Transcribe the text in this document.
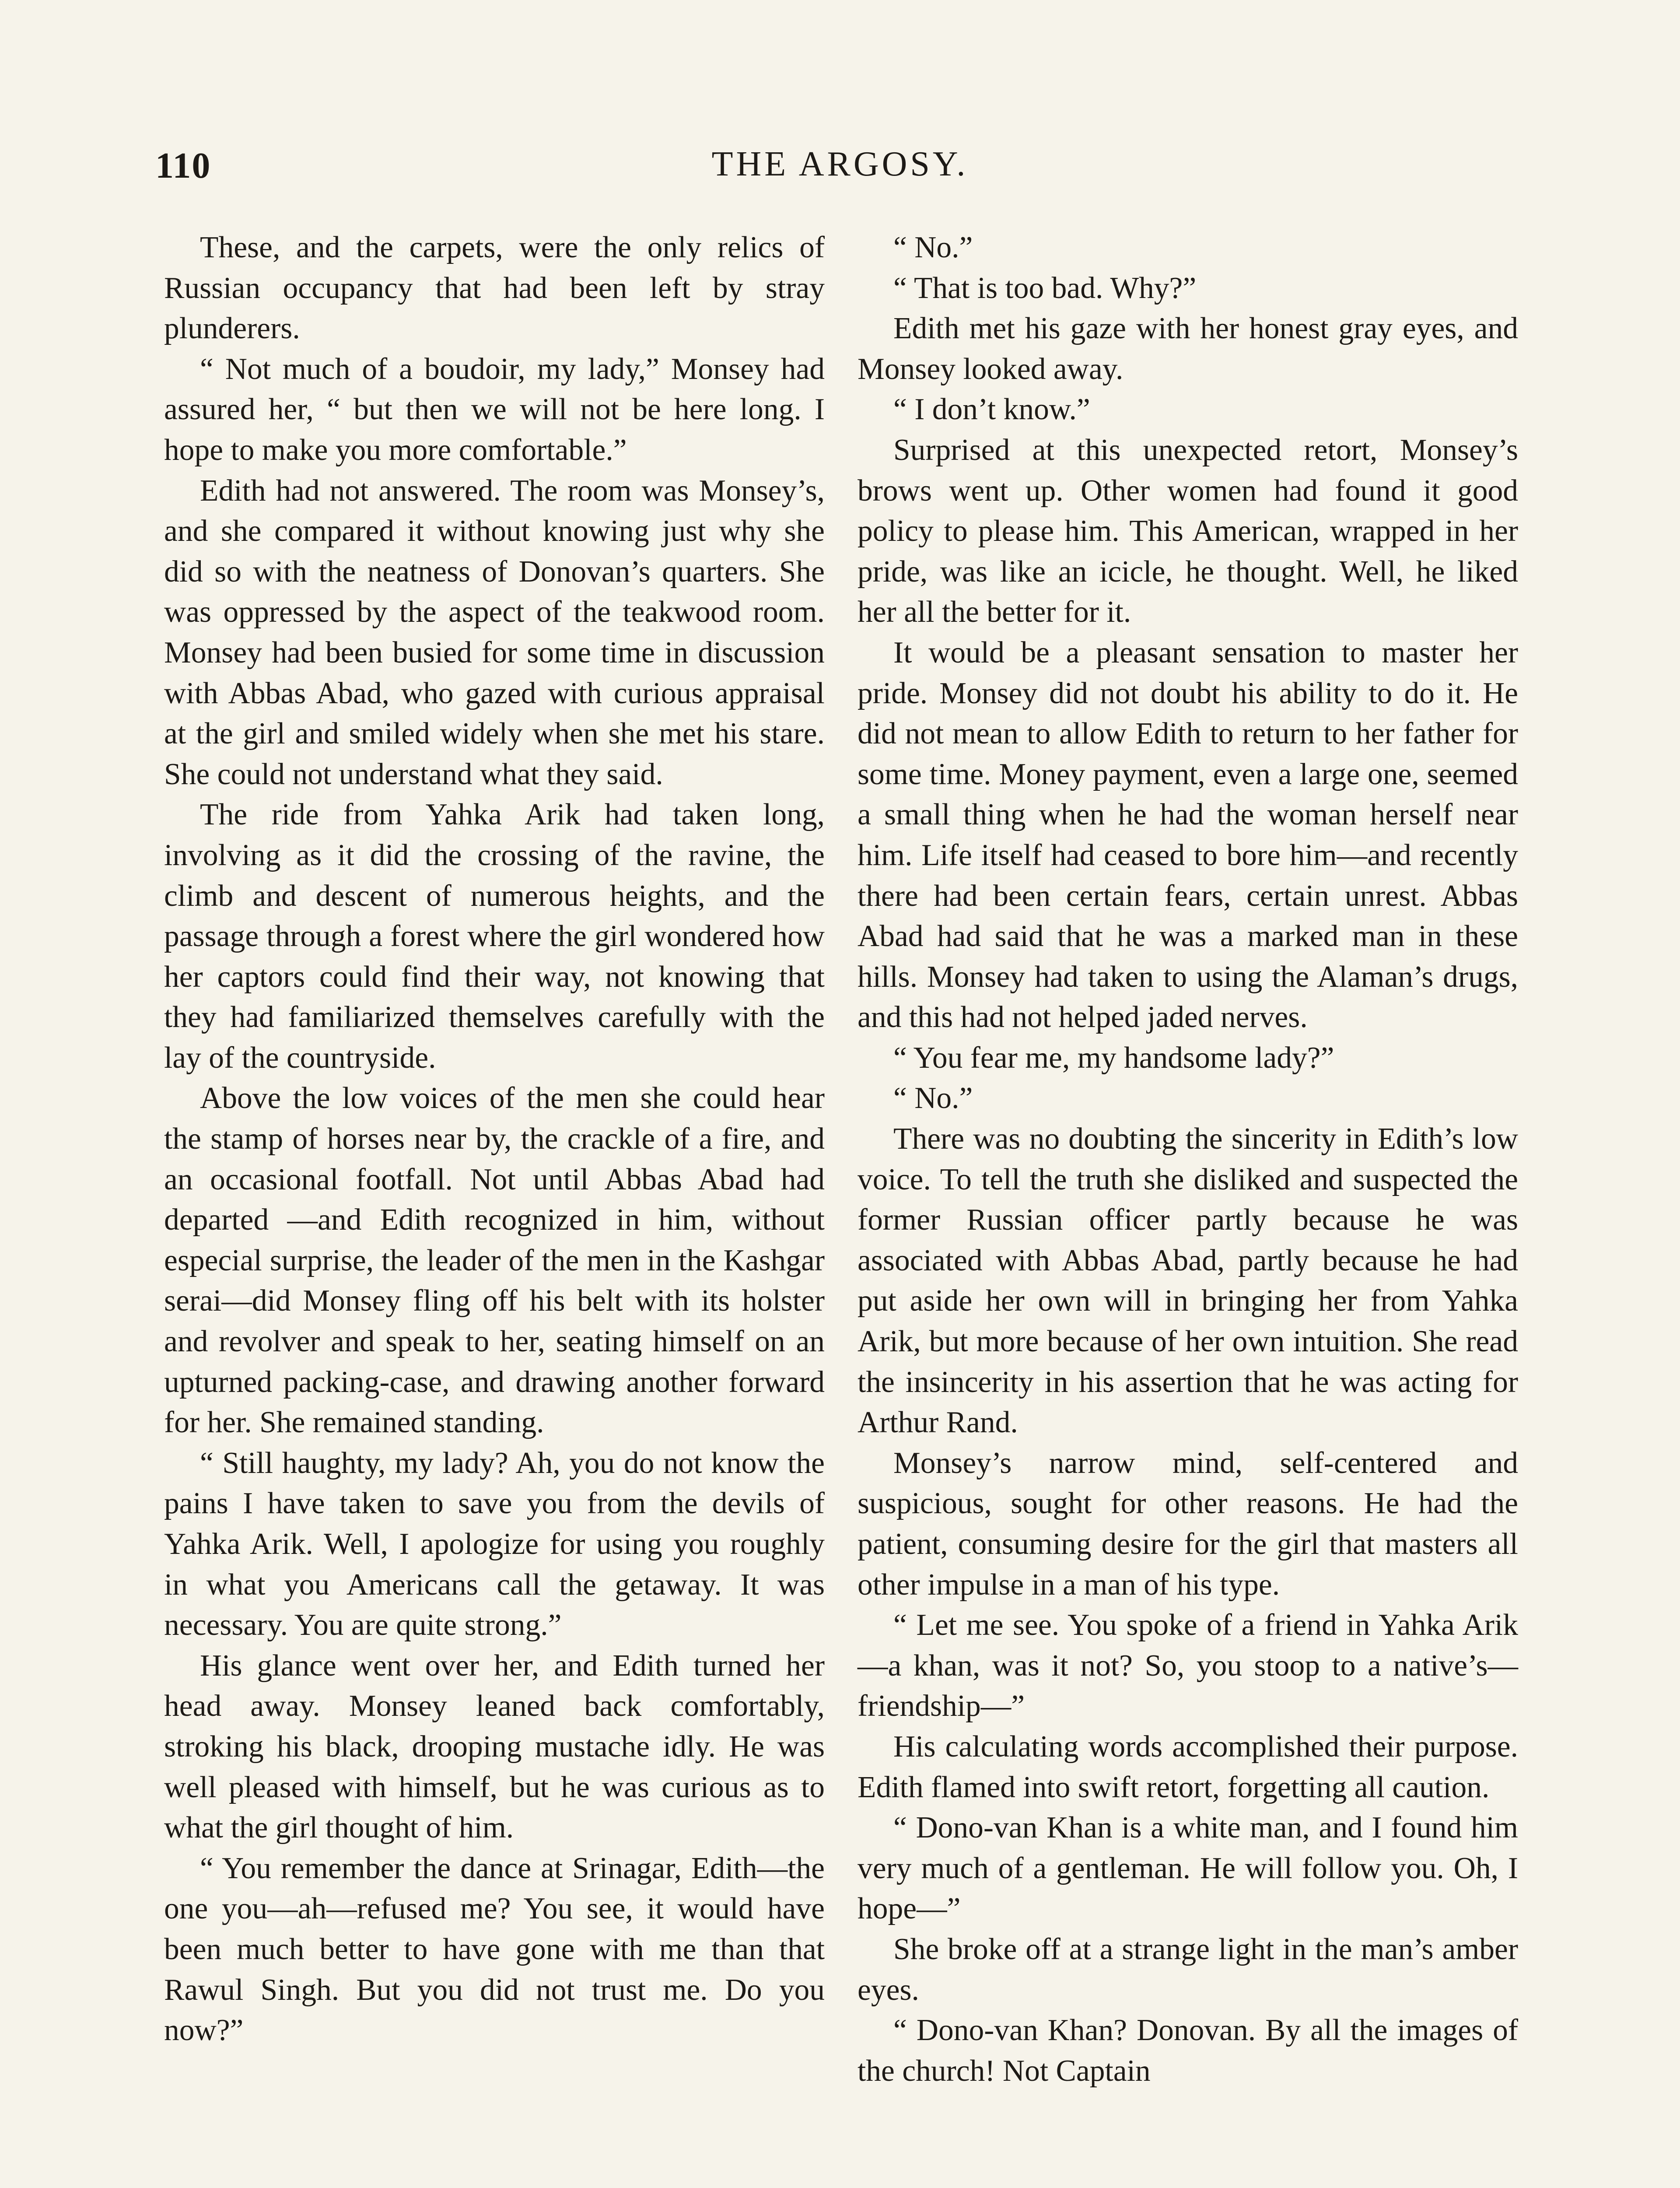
110	THE ARGOSY.

These, and the carpets, were the only relics of Russian occupancy that had been left by stray plunderers.

“ Not much of a boudoir, my lady,” Monsey had assured her, “ but then we will not be here long. I hope to make you more comfortable.”

Edith had not answered. The room was Monsey’s, and she compared it without knowing just why she did so with the neatness of Donovan’s quarters. She was oppressed by the aspect of the teakwood room. Monsey had been busied for some time in discussion with Abbas Abad, who gazed with curious appraisal at the girl and smiled widely when she met his stare. She could not understand what they said.

The ride from Yahka Arik had taken long, involving as it did the crossing of the ravine, the climb and descent of numerous heights, and the passage through a forest where the girl wondered how her captors could find their way, not knowing that they had familiarized themselves carefully with the lay of the countryside.

Above the low voices of the men she could hear the stamp of horses near by, the crackle of a fire, and an occasional footfall. Not until Abbas Abad had departed —and Edith recognized in him, without especial surprise, the leader of the men in the Kashgar serai—did Monsey fling off his belt with its holster and revolver and speak to her, seating himself on an upturned packing-case, and drawing another forward for her. She remained standing.

“ Still haughty, my lady? Ah, you do not know the pains I have taken to save you from the devils of Yahka Arik. Well, I apologize for using you roughly in what you Americans call the getaway. It was necessary. You are quite strong.”

His glance went over her, and Edith turned her head away. Monsey leaned back comfortably, stroking his black, drooping mustache idly. He was well pleased with himself, but he was curious as to what the girl thought of him.

“ You remember the dance at Srinagar, Edith—the one you—ah—refused me? You see, it would have been much better to have gone with me than that Rawul Singh. But you did not trust me. Do you now?”

“ No.”

“ That is too bad. Why?”

Edith met his gaze with her honest gray eyes, and Monsey looked away.

“ I don’t know.”

Surprised at this unexpected retort, Monsey’s brows went up. Other women had found it good policy to please him. This American, wrapped in her pride, was like an icicle, he thought. Well, he liked her all the better for it.

It would be a pleasant sensation to master her pride. Monsey did not doubt his ability to do it. He did not mean to allow Edith to return to her father for some time. Money payment, even a large one, seemed a small thing when he had the woman herself near him. Life itself had ceased to bore him—and recently there had been certain fears, certain unrest. Abbas Abad had said that he was a marked man in these hills. Monsey had taken to using the Alaman’s drugs, and this had not helped jaded nerves.

“ You fear me, my handsome lady?”

“ No.”

There was no doubting the sincerity in Edith’s low voice. To tell the truth she disliked and suspected the former Russian officer partly because he was associated with Abbas Abad, partly because he had put aside her own will in bringing her from Yahka Arik, but more because of her own intuition. She read the insincerity in his assertion that he was acting for Arthur Rand.

Monsey’s narrow mind, self-centered and suspicious, sought for other reasons. He had the patient, consuming desire for the girl that masters all other impulse in a man of his type.

“ Let me see. You spoke of a friend in Yahka Arik—a khan, was it not? So, you stoop to a native’s—friendship—”

His calculating words accomplished their purpose. Edith flamed into swift retort, forgetting all caution.

“ Dono-van Khan is a white man, and I found him very much of a gentleman. He will follow you. Oh, I hope—”

She broke off at a strange light in the man’s amber eyes.

“ Dono-van Khan? Donovan. By all the images of the church! Not Captain
